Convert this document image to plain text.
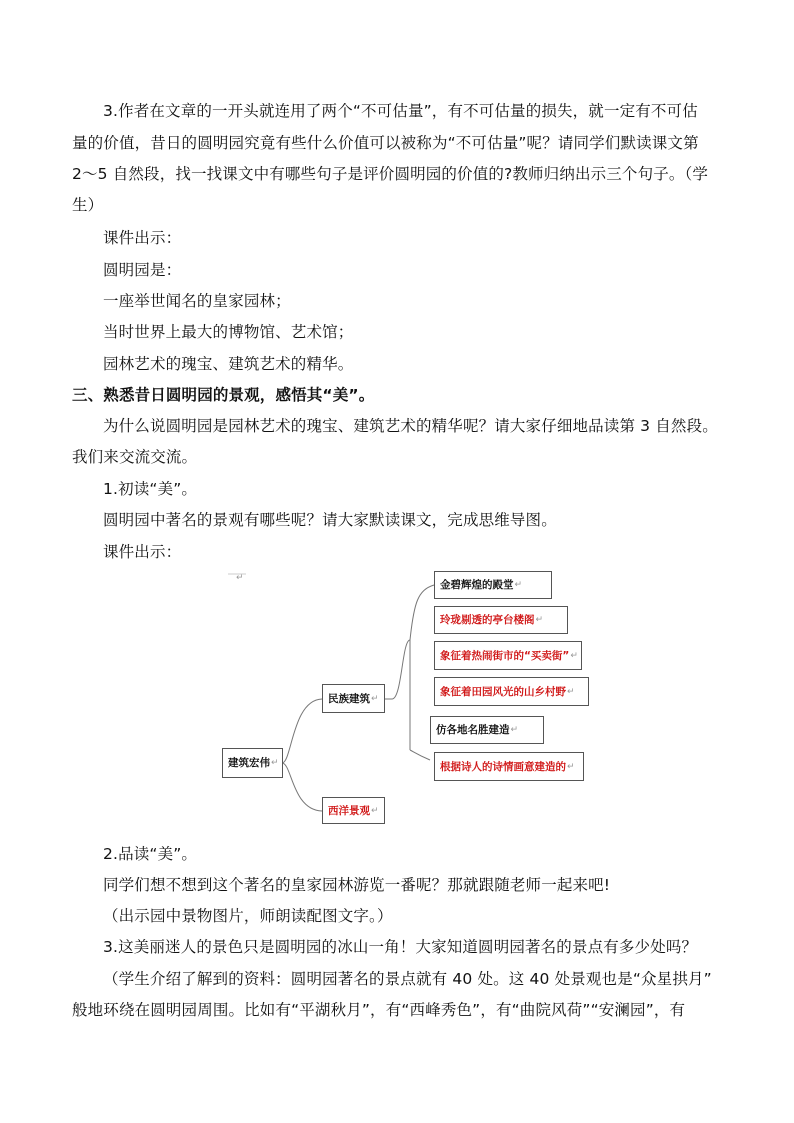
3.作者在文章的一开头就连用了两个“不可估量”，有不可估量的损失，就一定有不可估
量的价值，昔日的圆明园究竟有些什么价值可以被称为“不可估量”呢？请同学们默读课文第
2～5 自然段，找一找课文中有哪些句子是评价圆明园的价值的?教师归纳出示三个句子。（学
生）
课件出示：
圆明园是：
一座举世闻名的皇家园林；
当时世界上最大的博物馆、艺术馆；
园林艺术的瑰宝、建筑艺术的精华。
三、熟悉昔日圆明园的景观，感悟其“美”。
为什么说圆明园是园林艺术的瑰宝、建筑艺术的精华呢？请大家仔细地品读第 3 自然段。
我们来交流交流。
1.初读“美”。
圆明园中著名的景观有哪些呢？请大家默读课文，完成思维导图。
课件出示：
↵
建筑宏伟 ↵
民族建筑 ↵
西洋景观 ↵
金碧辉煌的殿堂 ↵
玲珑剔透的亭台楼阁 ↵
象征着热闹街市的“买卖街” ↵
象征着田园风光的山乡村野 ↵
仿各地名胜建造 ↵
根据诗人的诗情画意建造的 ↵
2.品读“美”。
同学们想不想到这个著名的皇家园林游览一番呢？那就跟随老师一起来吧!
（出示园中景物图片，师朗读配图文字。）
3.这美丽迷人的景色只是圆明园的冰山一角！大家知道圆明园著名的景点有多少处吗？
（学生介绍了解到的资料：圆明园著名的景点就有 40 处。这 40 处景观也是“众星拱月”
般地环绕在圆明园周围。比如有“平湖秋月”，有“西峰秀色”，有“曲院风荷”“安澜园”，有
